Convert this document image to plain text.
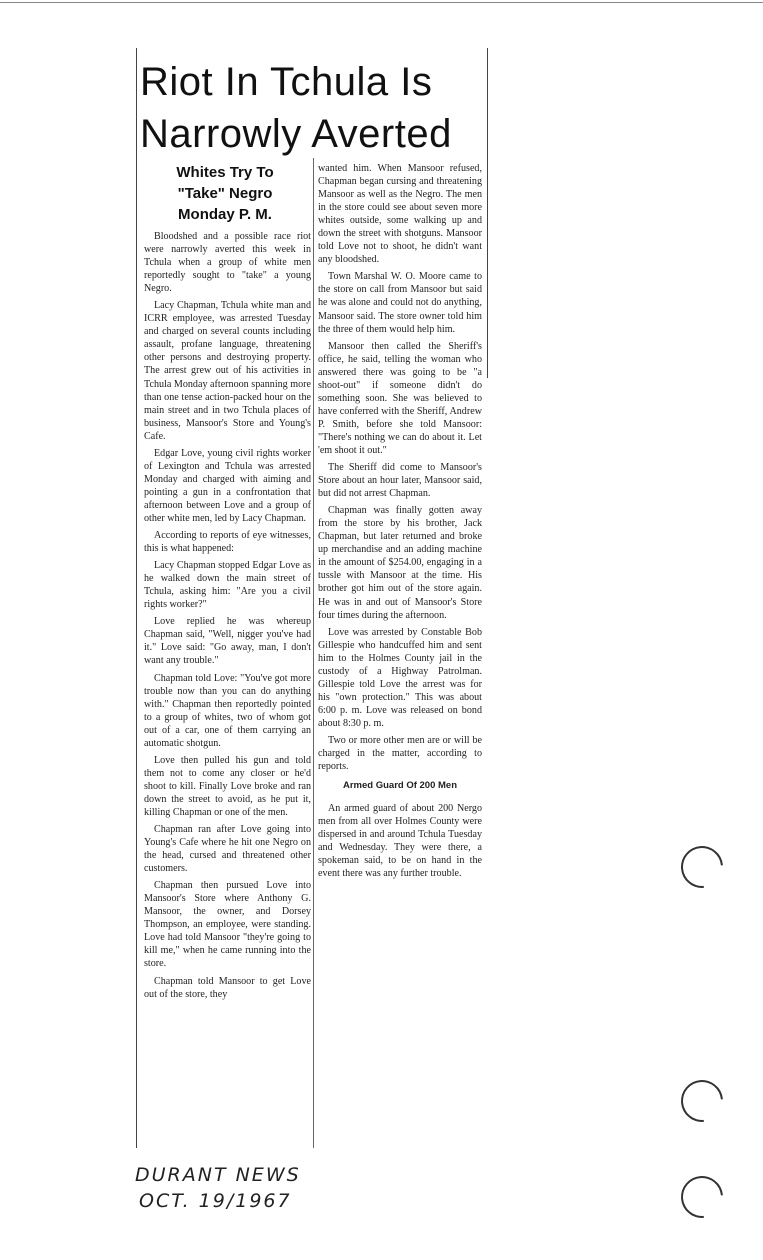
Riot In Tchula Is
Narrowly Averted
Whites Try To
"Take" Negro
Monday P. M.

Bloodshed and a possible race riot were narrowly averted this week in Tchula when a group of white men reportedly sought to "take" a young Negro.

Lacy Chapman, Tchula white man and ICRR employee, was arrested Tuesday and charged on several counts including assault, profane language, threatening other persons and destroying property. The arrest grew out of his activities in Tchula Monday afternoon spanning more than one tense action-packed hour on the main street and in two Tchula places of business, Mansoor's Store and Young's Cafe.

Edgar Love, young civil rights worker of Lexington and Tchula was arrested Monday and charged with aiming and pointing a gun in a confrontation that afternoon between Love and a group of other white men, led by Lacy Chapman.

According to reports of eye witnesses, this is what happened:

Lacy Chapman stopped Edgar Love as he walked down the main street of Tchula, asking him: "Are you a civil rights worker?"

Love replied he was whereup Chapman said, "Well, nigger you've had it." Love said: "Go away, man, I don't want any trouble."

Chapman told Love: "You've got more trouble now than you can do anything with." Chapman then reportedly pointed to a group of whites, two of whom got out of a car, one of them carrying an automatic shotgun.

Love then pulled his gun and told them not to come any closer or he'd shoot to kill. Finally Love broke and ran down the street to avoid, as he put it, killing Chapman or one of the men.

Chapman ran after Love going into Young's Cafe where he hit one Negro on the head, cursed and threatened other customers.

Chapman then pursued Love into Mansoor's Store where Anthony G. Mansoor, the owner, and Dorsey Thompson, an employee, were standing. Love had told Mansoor "they're going to kill me," when he came running into the store.

Chapman told Mansoor to get Love out of the store, they

wanted him. When Mansoor refused, Chapman began cursing and threatening Mansoor as well as the Negro. The men in the store could see about seven more whites outside, some walking up and down the street with shotguns. Mansoor told Love not to shoot, he didn't want any bloodshed.

Town Marshal W. O. Moore came to the store on call from Mansoor but said he was alone and could not do anything, Mansoor said. The store owner told him the three of them would help him.

Mansoor then called the Sheriff's office, he said, telling the woman who answered there was going to be "a shoot-out" if someone didn't do something soon. She was believed to have conferred with the Sheriff, Andrew P. Smith, before she told Mansoor: "There's nothing we can do about it. Let 'em shoot it out."

The Sheriff did come to Mansoor's Store about an hour later, Mansoor said, but did not arrest Chapman.

Chapman was finally gotten away from the store by his brother, Jack Chapman, but later returned and broke up merchandise and an adding machine in the amount of $254.00, engaging in a tussle with Mansoor at the time. His brother got him out of the store again. He was in and out of Mansoor's Store four times during the afternoon.

Love was arrested by Constable Bob Gillespie who handcuffed him and sent him to the Holmes County jail in the custody of a Highway Patrolman. Gillespie told Love the arrest was for his "own protection." This was about 6:00 p. m. Love was released on bond about 8:30 p. m.

Two or more other men are or will be charged in the matter, according to reports.

Armed Guard Of 200 Men

An armed guard of about 200 Nergo men from all over Holmes County were dispersed in and around Tchula Tuesday and Wednesday. They were there, a spokeman said, to be on hand in the event there was any further trouble.

DURANT NEWS
OCT. 19/1967
